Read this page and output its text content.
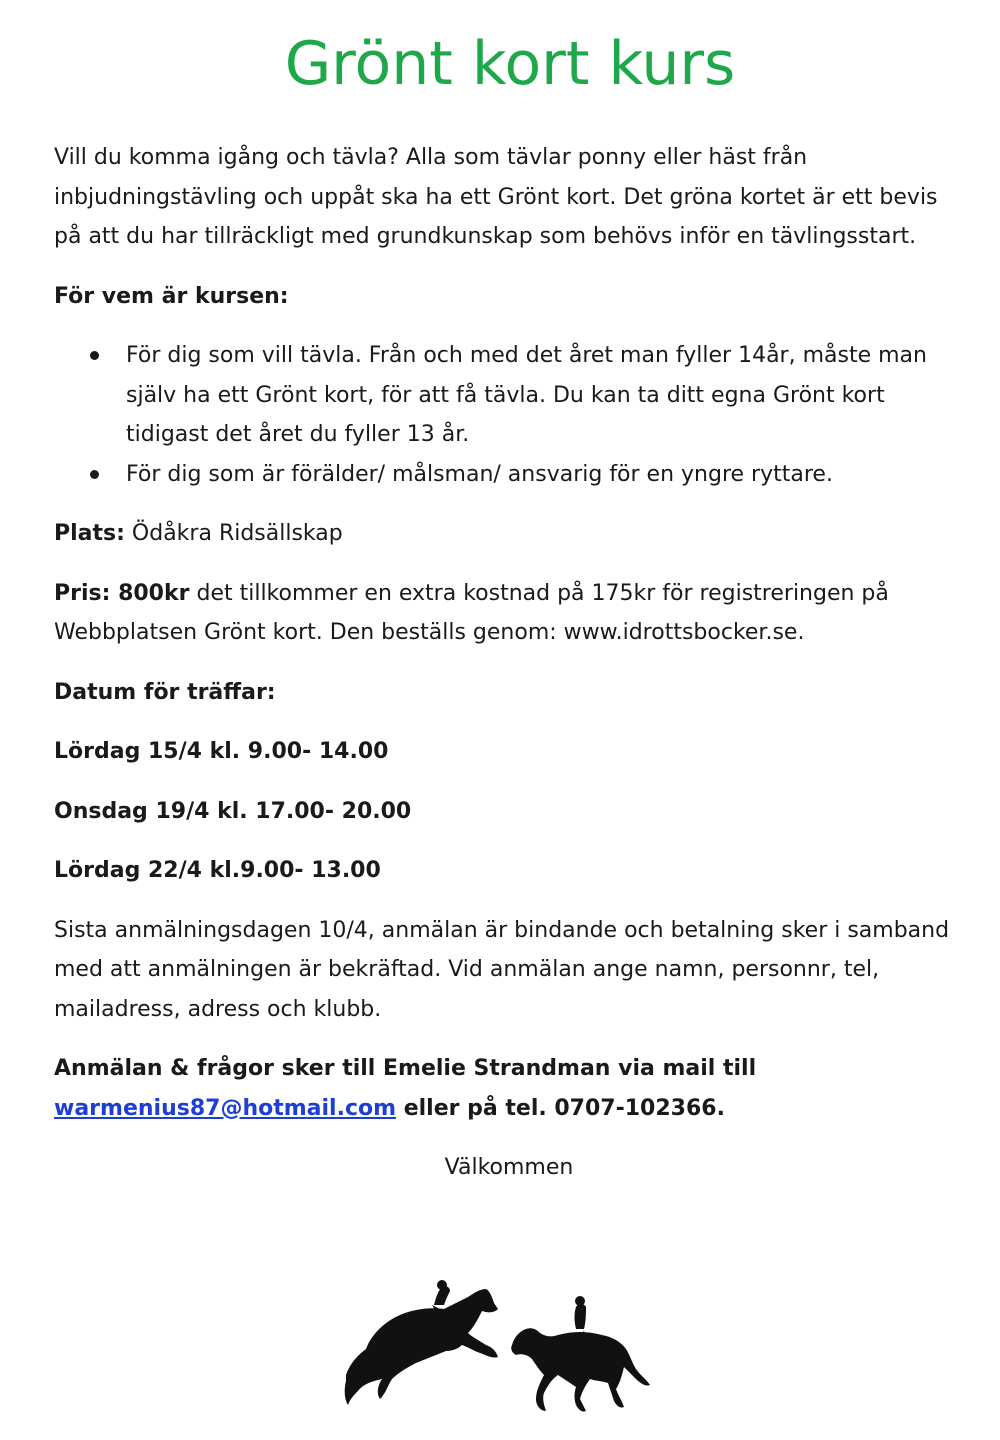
Grönt kort kurs

Vill du komma igång och tävla? Alla som tävlar ponny eller häst från inbjudningstävling och uppåt ska ha ett Grönt kort. Det gröna kortet är ett bevis på att du har tillräckligt med grundkunskap som behövs inför en tävlingsstart.

För vem är kursen:

För dig som vill tävla. Från och med det året man fyller 14år, måste man själv ha ett Grönt kort, för att få tävla. Du kan ta ditt egna Grönt kort tidigast det året du fyller 13 år.
För dig som är förälder/ målsman/ ansvarig för en yngre ryttare.

Plats: Ödåkra Ridsällskap

Pris: 800kr det tillkommer en extra kostnad på 175kr för registreringen på Webbplatsen Grönt kort. Den beställs genom: www.idrottsbocker.se.

Datum för träffar:

Lördag 15/4 kl. 9.00- 14.00

Onsdag 19/4 kl. 17.00- 20.00

Lördag 22/4 kl.9.00- 13.00

Sista anmälningsdagen 10/4, anmälan är bindande och betalning sker i samband med att anmälningen är bekräftad. Vid anmälan ange namn, personnr, tel, mailadress, adress och klubb.

Anmälan & frågor sker till Emelie Strandman via mail till
warmenius87@hotmail.com eller på tel. 0707-102366.

Välkommen
